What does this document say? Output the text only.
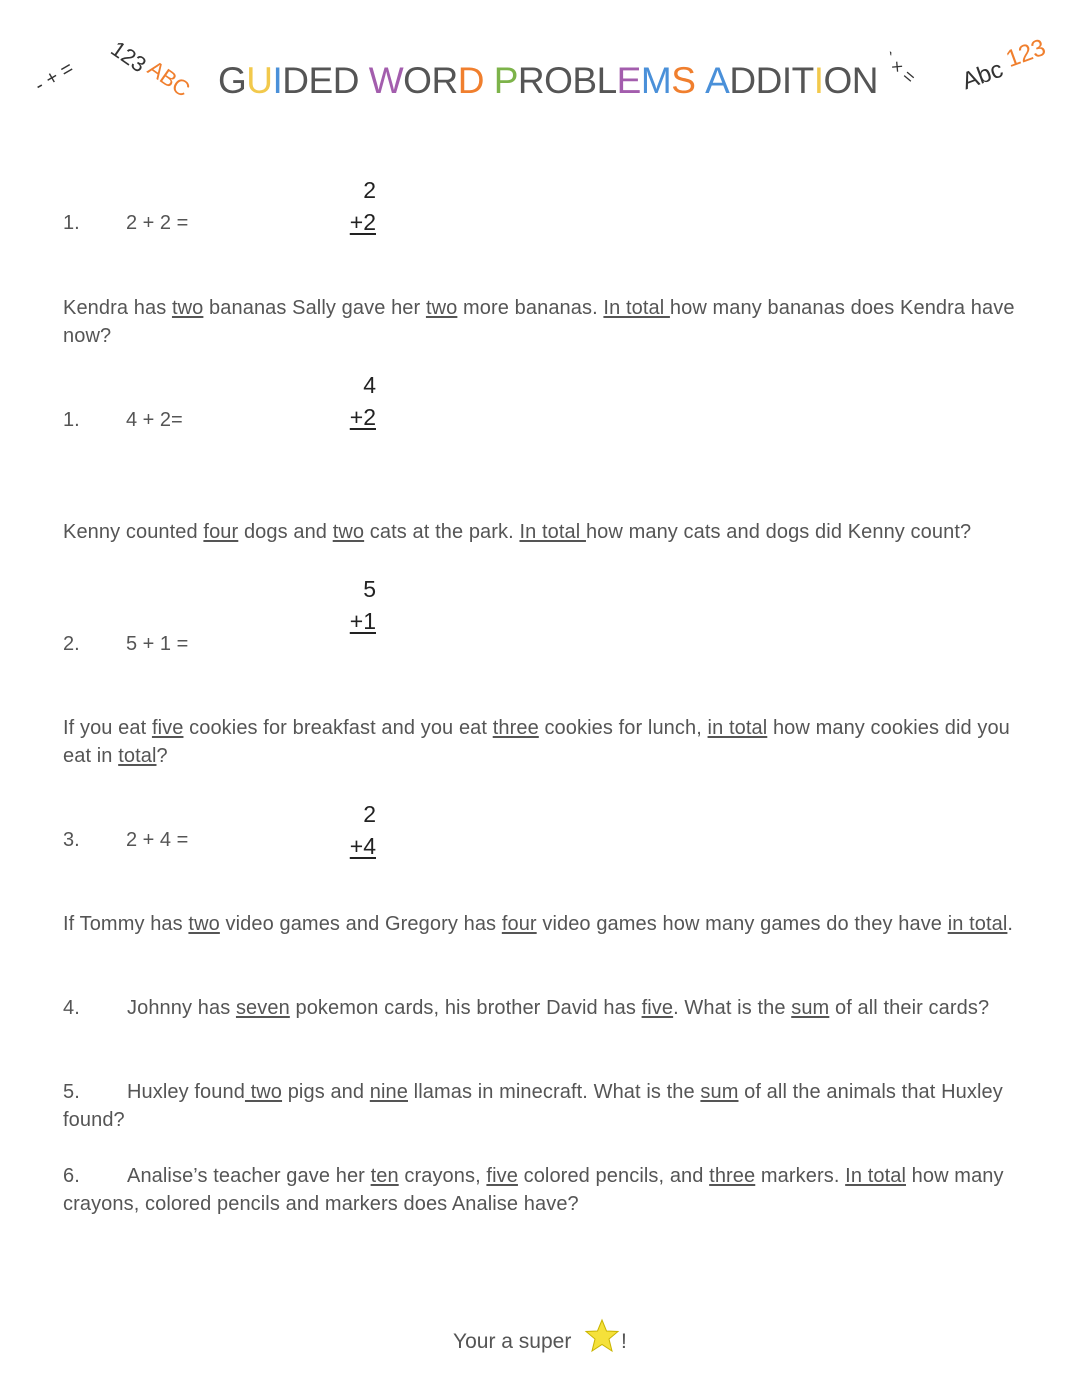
- + = 123
ABC GUIDED WORD PROBLEMS ADDITION ` × = Abc
123
1. 2 + 2 =
2
+2
Kendra has two bananas Sally gave her two more bananas. In total how many bananas does Kendra have now?
1. 4 + 2=
4
+2
Kenny counted four dogs and two cats at the park. In total how many cats and dogs did Kenny count?
2. 5 + 1 =
5
+1
If you eat five cookies for breakfast and you eat three cookies for lunch, in total how many cookies did you eat in total?
3. 2 + 4 =
2
+4
If Tommy has two video games and Gregory has four video games how many games do they have in total.
4. Johnny has seven pokemon cards, his brother David has five. What is the sum of all their cards?
5. Huxley found two pigs and nine llamas in minecraft. What is the sum of all the animals that Huxley found?
6. Analise’s teacher gave her ten crayons, five colored pencils, and three markers. In total how many crayons, colored pencils and markers does Analise have?
Your a super !
